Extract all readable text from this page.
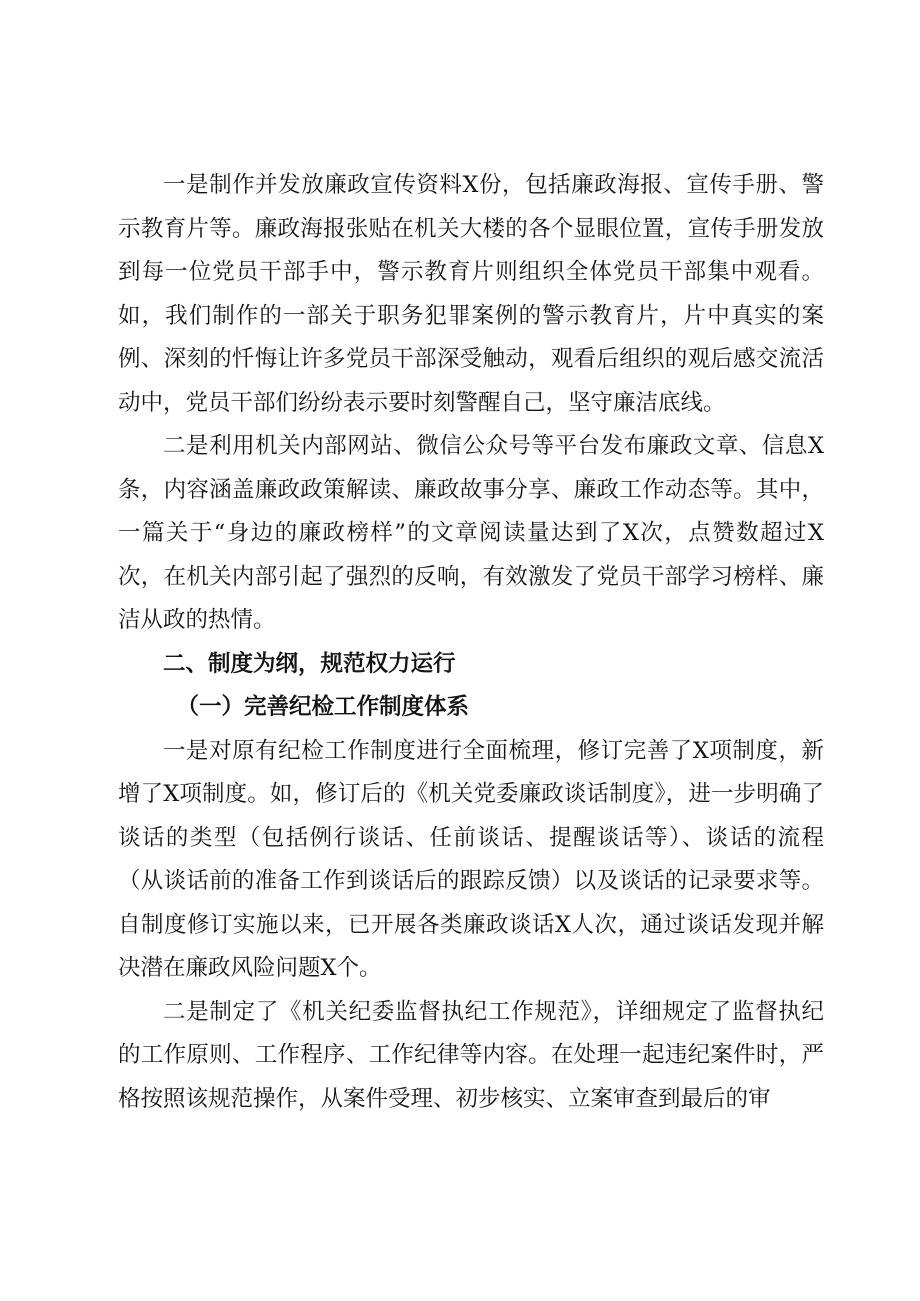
一是制作并发放廉政宣传资料X份，包括廉政海报、宣传手册、警示教育片等。廉政海报张贴在机关大楼的各个显眼位置，宣传手册发放到每一位党员干部手中，警示教育片则组织全体党员干部集中观看。如，我们制作的一部关于职务犯罪案例的警示教育片，片中真实的案例、深刻的忏悔让许多党员干部深受触动，观看后组织的观后感交流活动中，党员干部们纷纷表示要时刻警醒自己，坚守廉洁底线。

二是利用机关内部网站、微信公众号等平台发布廉政文章、信息X条，内容涵盖廉政政策解读、廉政故事分享、廉政工作动态等。其中，一篇关于“身边的廉政榜样”的文章阅读量达到了X次，点赞数超过X次，在机关内部引起了强烈的反响，有效激发了党员干部学习榜样、廉洁从政的热情。

二、制度为纲，规范权力运行
（一）完善纪检工作制度体系

一是对原有纪检工作制度进行全面梳理，修订完善了X项制度，新增了X项制度。如，修订后的《机关党委廉政谈话制度》，进一步明确了谈话的类型（包括例行谈话、任前谈话、提醒谈话等）、谈话的流程（从谈话前的准备工作到谈话后的跟踪反馈）以及谈话的记录要求等。自制度修订实施以来，已开展各类廉政谈话X人次，通过谈话发现并解决潜在廉政风险问题X个。

二是制定了《机关纪委监督执纪工作规范》，详细规定了监督执纪的工作原则、工作程序、工作纪律等内容。在处理一起违纪案件时，严格按照该规范操作，从案件受理、初步核实、立案审查到最后的审
